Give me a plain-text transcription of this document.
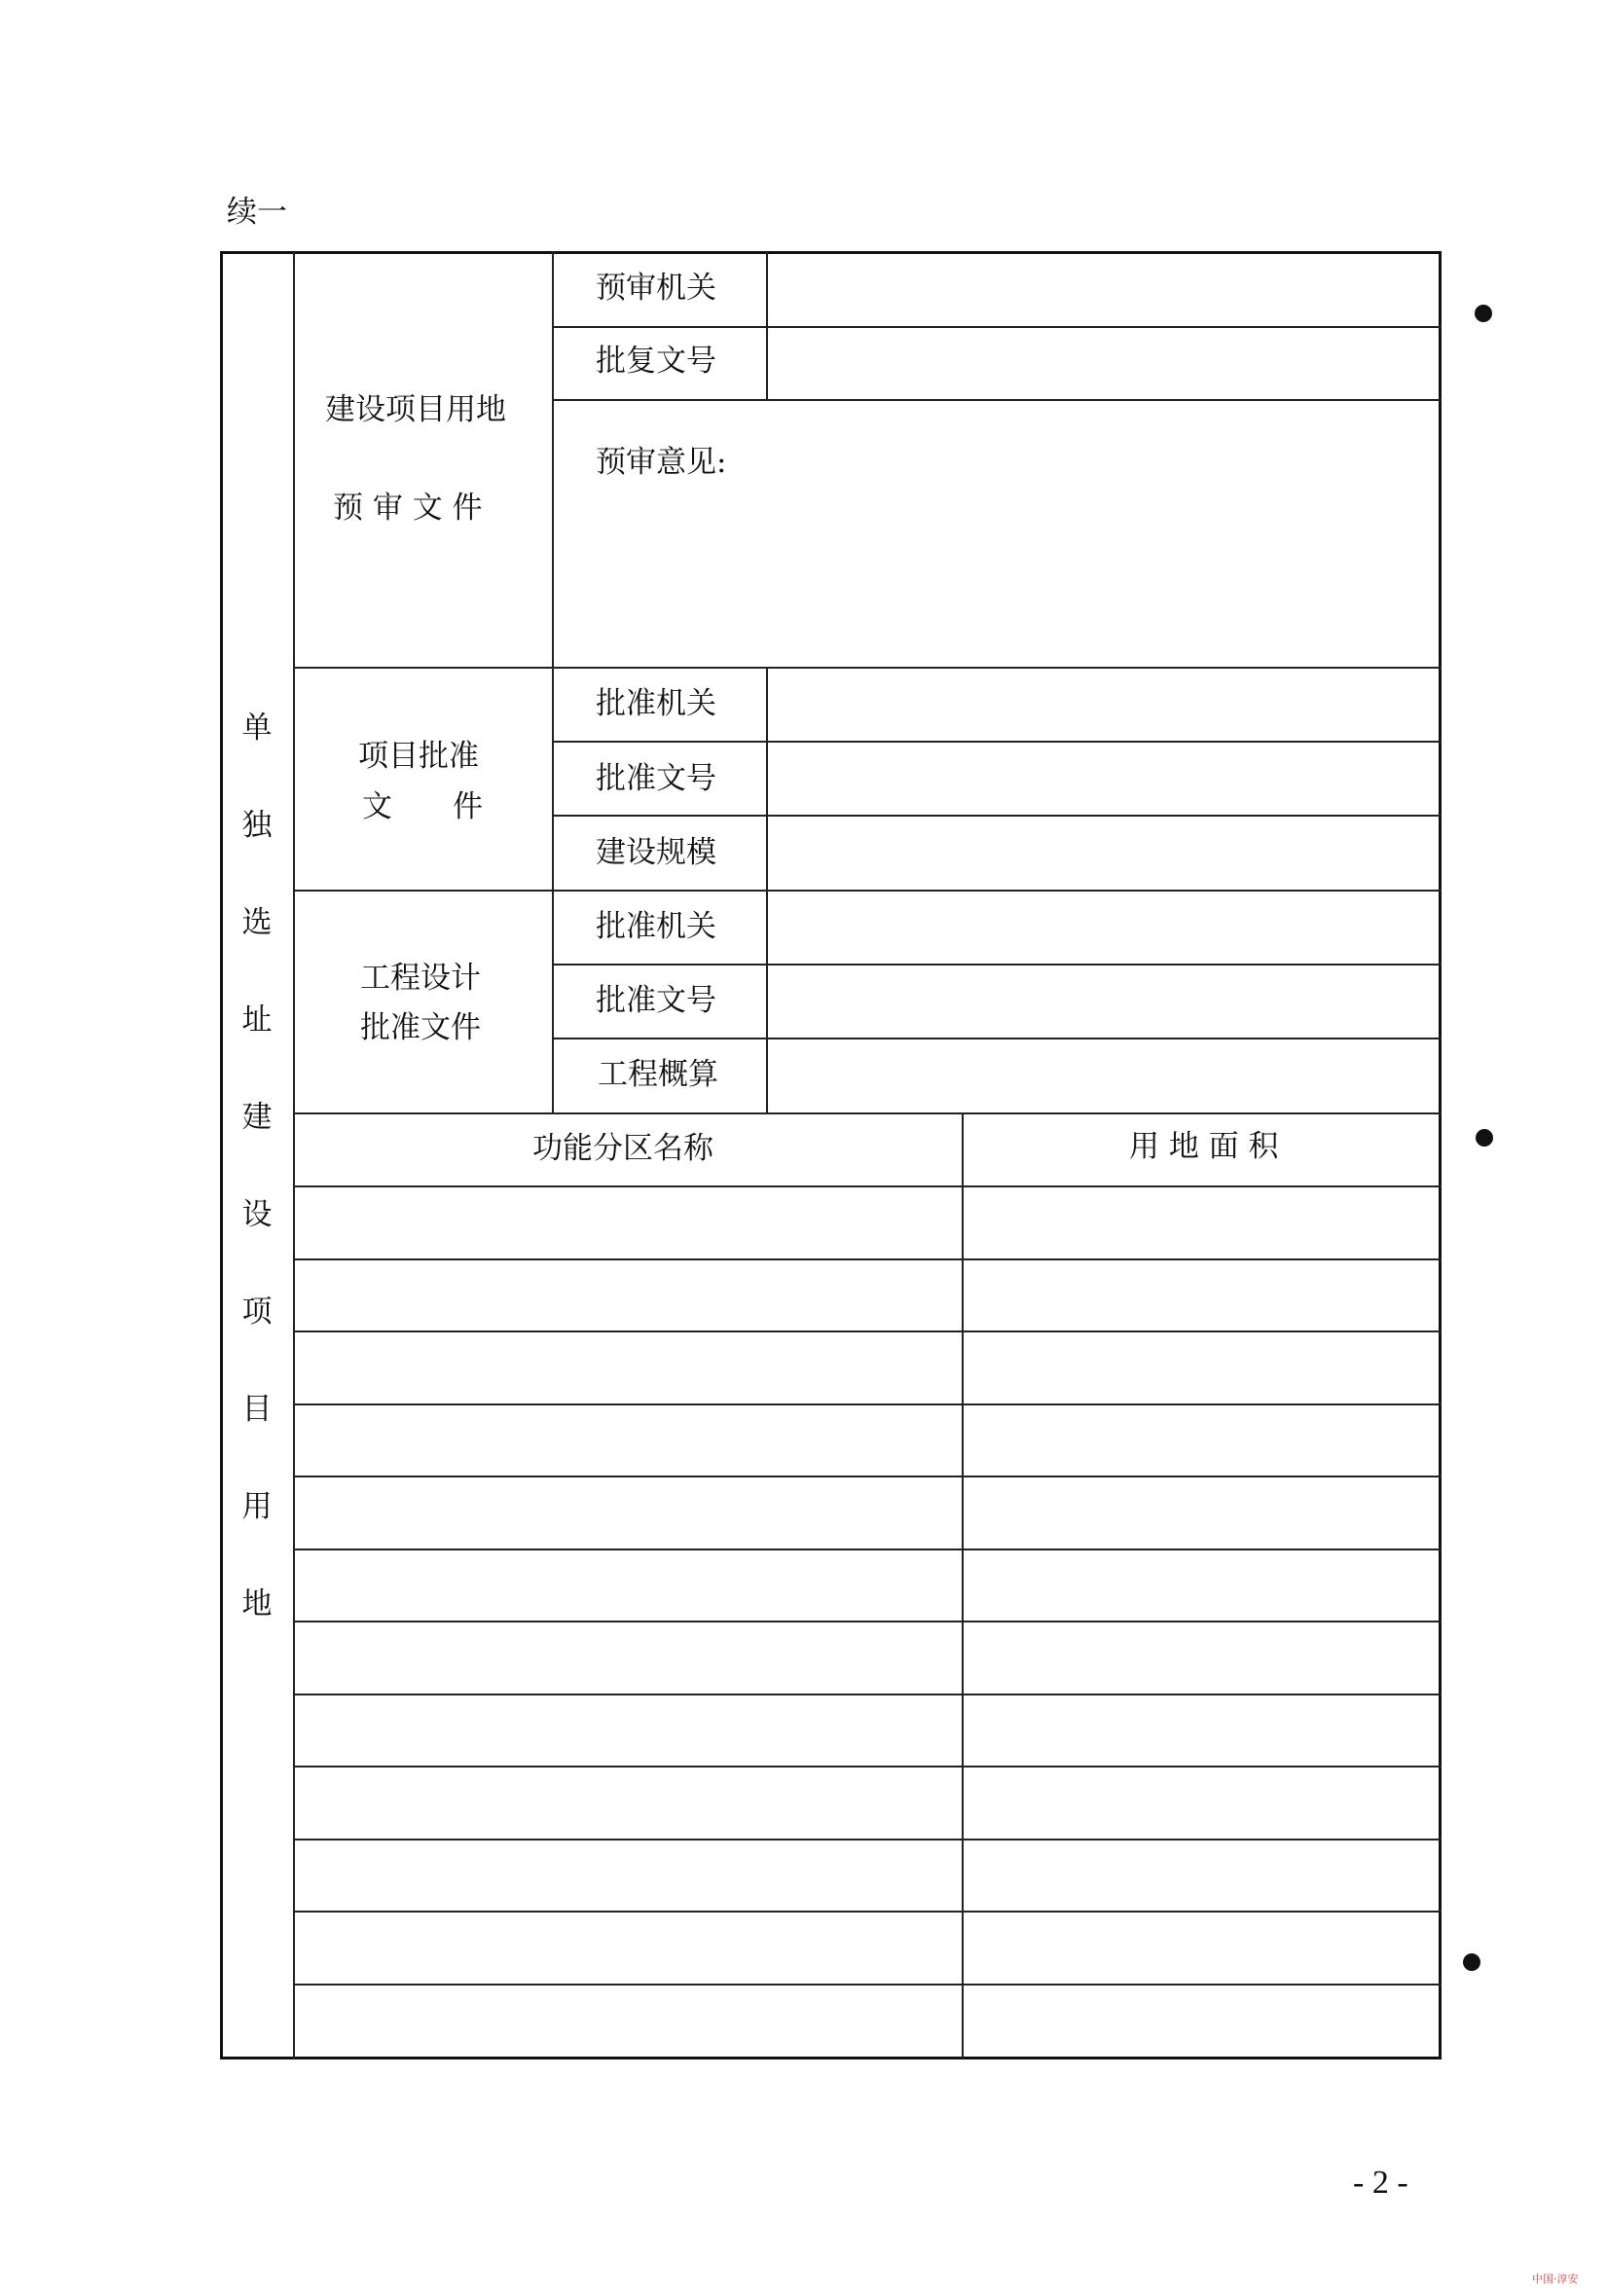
续一
单
独
选
址
建
设
项
目
用
地
建设项目用地
预 审 文 件
预审机关
批复文号
预审意见:
项目批准
文　　件
批准机关
批准文号
建设规模
工程设计
批准文件
批准机关
批准文号
工程概算
功能分区名称	用 地 面 积
- 2 -
中国·淳安
